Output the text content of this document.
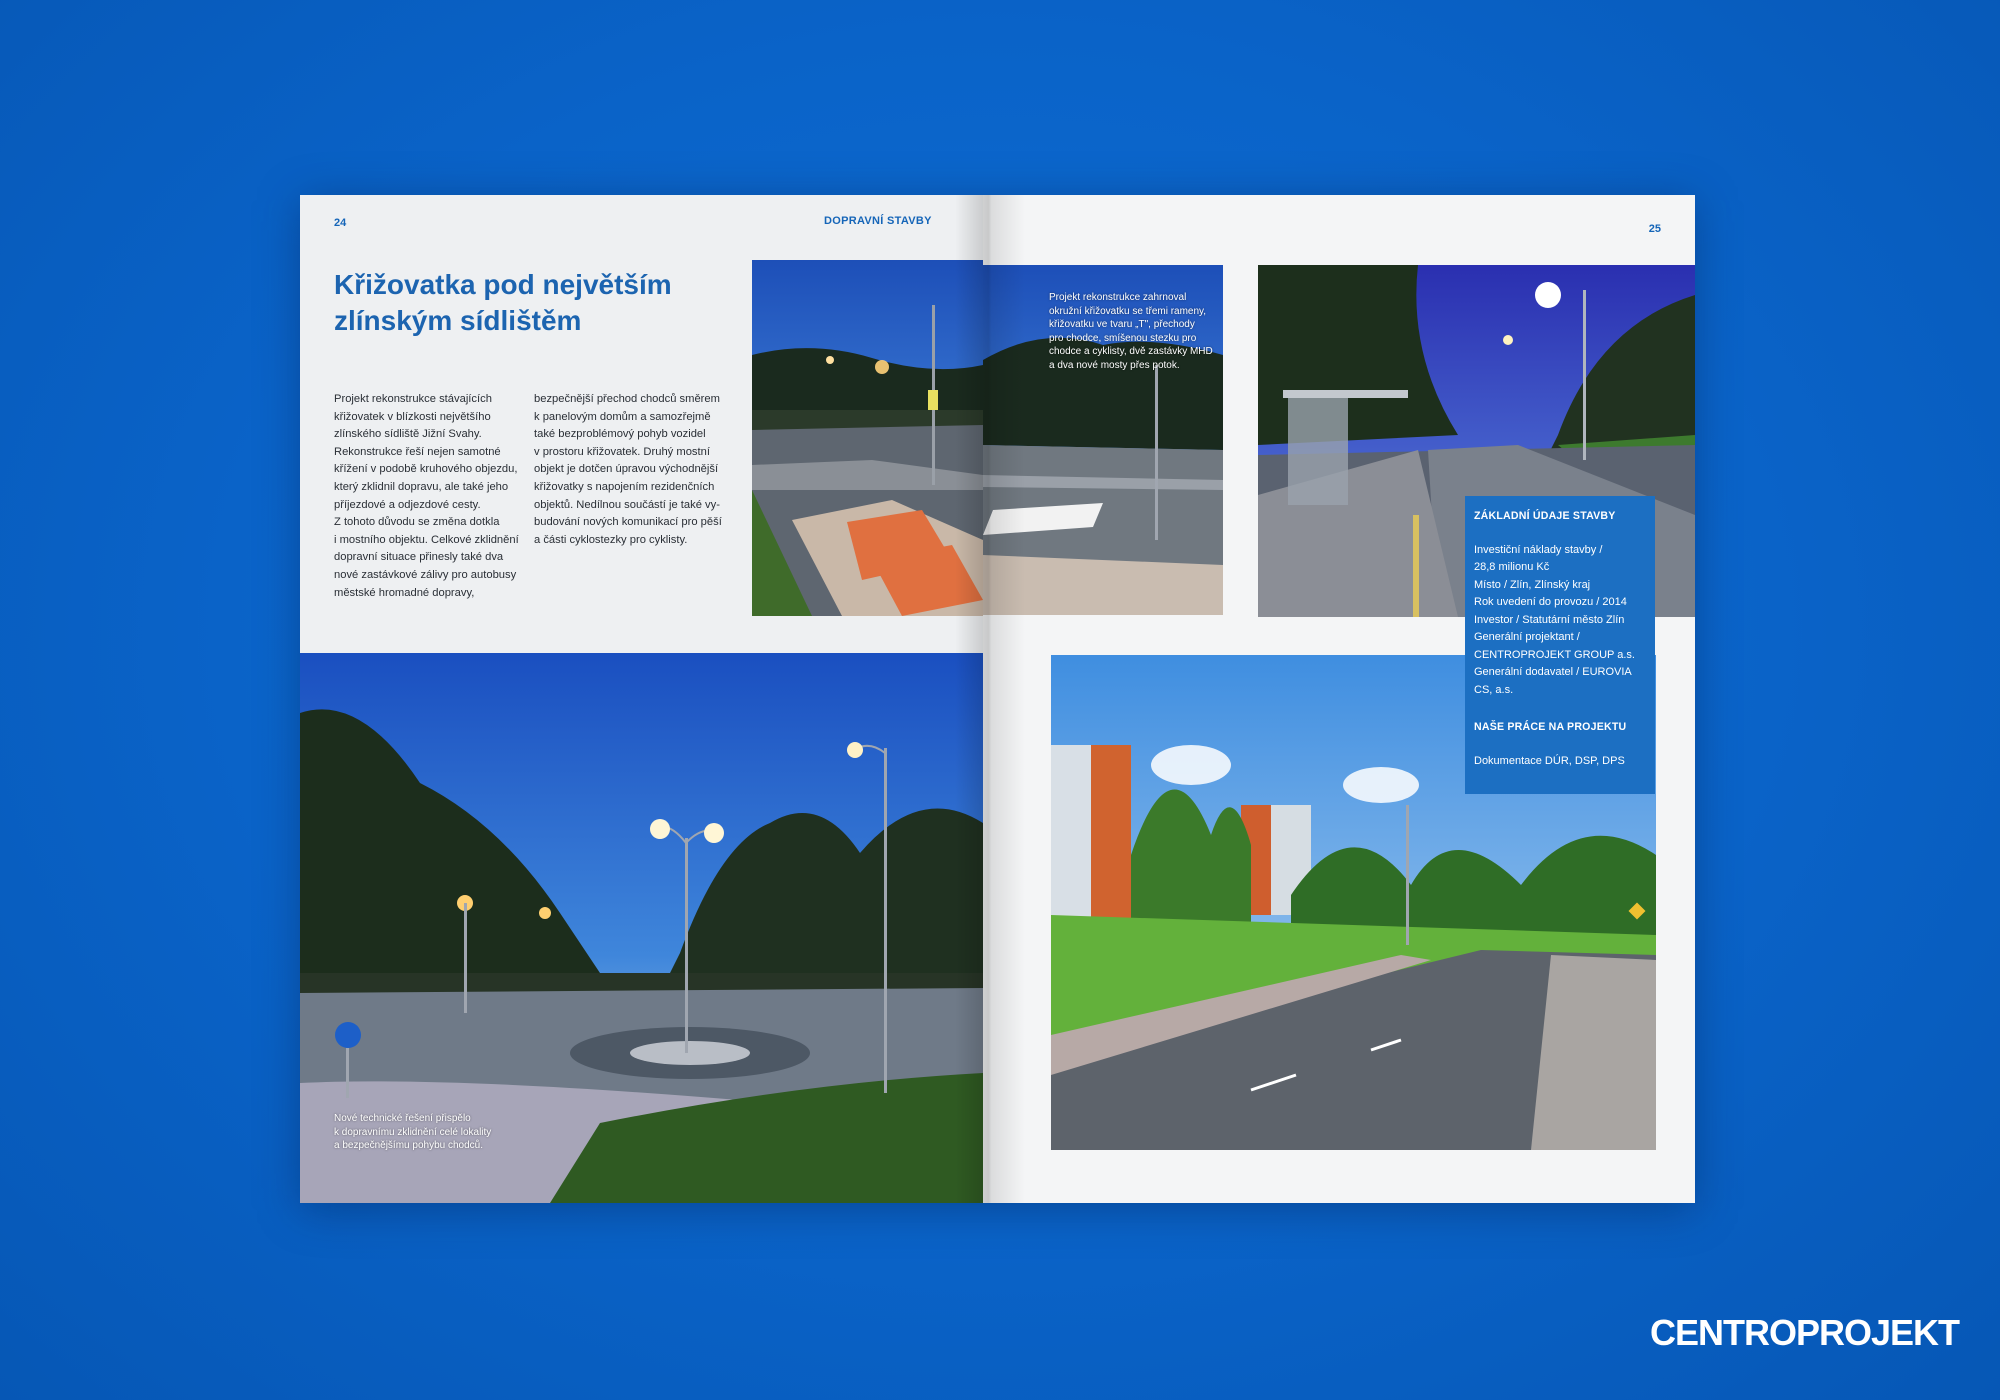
24	DOPRAVNÍ STAVBY
Křižovatka pod největším
zlínským sídlištěm
Projekt rekonstrukce stávajících
křižovatek v blízkosti největšího
zlínského sídliště Jižní Svahy.
Rekonstrukce řeší nejen samotné
křížení v podobě kruhového objezdu,
který zklidnil dopravu, ale také jeho
příjezdové a odjezdové cesty.
Z tohoto důvodu se změna dotkla
i mostního objektu. Celkové zklidnění
dopravní situace přinesly také dva
nové zastávkové zálivy pro autobusy
městské hromadné dopravy,
bezpečnější přechod chodců směrem
k panelovým domům a samozřejmě
také bezproblémový pohyb vozidel
v prostoru křižovatek. Druhý mostní
objekt je dotčen úpravou východnější
křižovatky s napojením rezidenčních
objektů. Nedílnou součástí je také vy-
budování nových komunikací pro pěší
a části cyklostezky pro cyklisty.
Nové technické řešení přispělo
k dopravnímu zklidnění celé lokality
a bezpečnějšímu pohybu chodců.
25
Projekt rekonstrukce zahrnoval
okružní křižovatku se třemi rameny,
křižovatku ve tvaru „T", přechody
pro chodce, smíšenou stezku pro
chodce a cyklisty, dvě zastávky MHD
a dva nové mosty přes potok.
ZÁKLADNÍ ÚDAJE STAVBY
Investiční náklady stavby /
28,8 milionu Kč
Místo / Zlín, Zlínský kraj
Rok uvedení do provozu / 2014
Investor / Statutární město Zlín
Generální projektant /
CENTROPROJEKT GROUP a.s.
Generální dodavatel / EUROVIA
CS, a.s.
NAŠE PRÁCE NA PROJEKTU
Dokumentace DÚR, DSP, DPS
CENTROPROJEKT
